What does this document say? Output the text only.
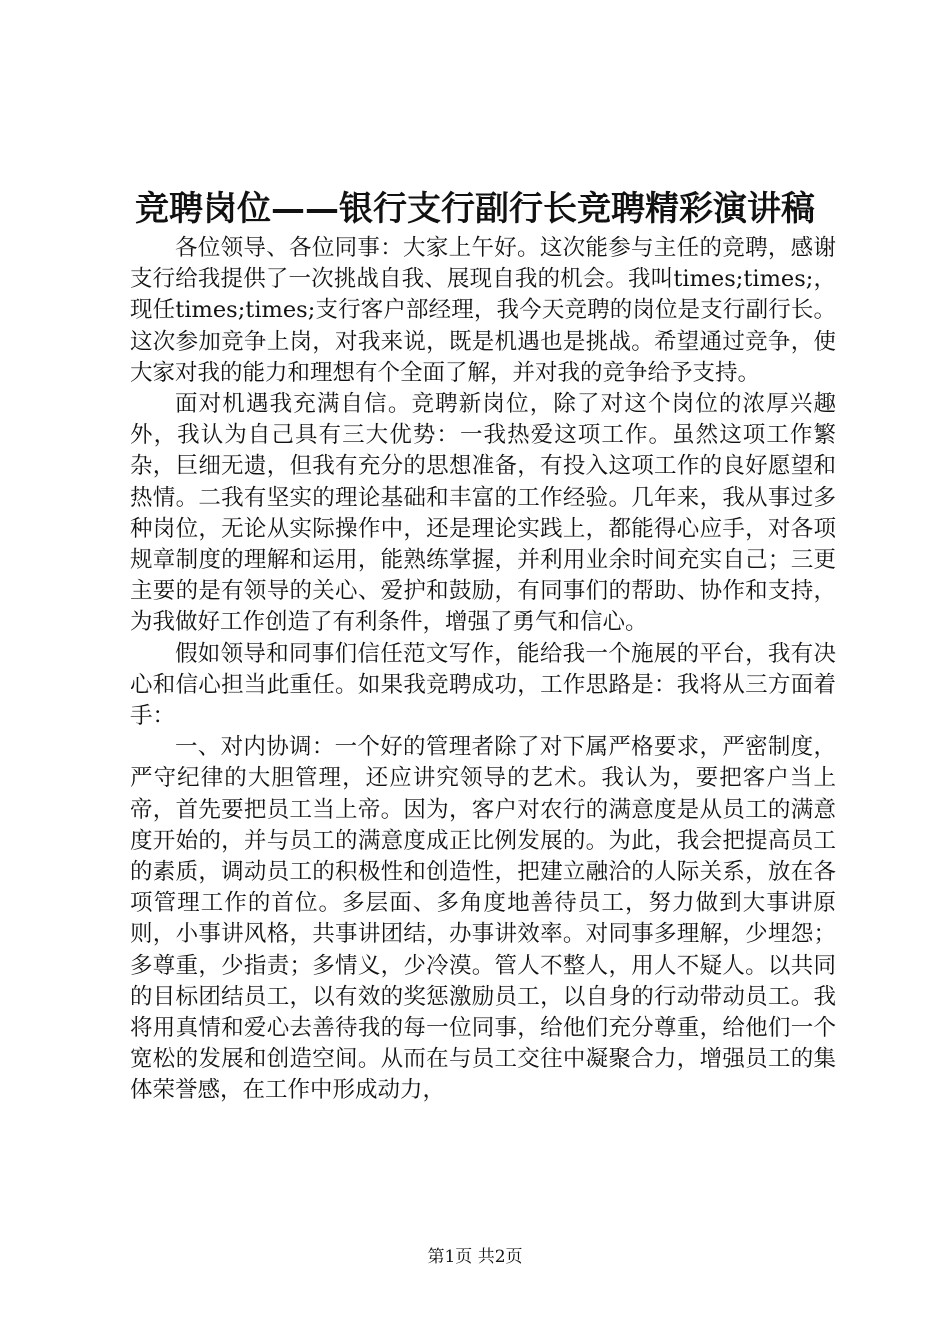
竞聘岗位——银行支行副行长竞聘精彩演讲稿

各位领导、各位同事：大家上午好。这次能参与主任的竞聘，感谢支行给我提供了一次挑战自我、展现自我的机会。我叫times;times;，现任times;times;支行客户部经理，我今天竞聘的岗位是支行副行长。这次参加竞争上岗，对我来说，既是机遇也是挑战。希望通过竞争，使大家对我的能力和理想有个全面了解，并对我的竞争给予支持。

面对机遇我充满自信。竞聘新岗位，除了对这个岗位的浓厚兴趣外，我认为自己具有三大优势：一我热爱这项工作。虽然这项工作繁杂，巨细无遗，但我有充分的思想准备，有投入这项工作的良好愿望和热情。二我有坚实的理论基础和丰富的工作经验。几年来，我从事过多种岗位，无论从实际操作中，还是理论实践上，都能得心应手，对各项规章制度的理解和运用，能熟练掌握，并利用业余时间充实自己；三更主要的是有领导的关心、爱护和鼓励，有同事们的帮助、协作和支持，为我做好工作创造了有利条件，增强了勇气和信心。

假如领导和同事们信任范文写作，能给我一个施展的平台，我有决心和信心担当此重任。如果我竞聘成功，工作思路是：我将从三方面着手：

一、对内协调：一个好的管理者除了对下属严格要求，严密制度，严守纪律的大胆管理，还应讲究领导的艺术。我认为，要把客户当上帝，首先要把员工当上帝。因为，客户对农行的满意度是从员工的满意度开始的，并与员工的满意度成正比例发展的。为此，我会把提高员工的素质，调动员工的积极性和创造性，把建立融洽的人际关系，放在各项管理工作的首位。多层面、多角度地善待员工，努力做到大事讲原则，小事讲风格，共事讲团结，办事讲效率。对同事多理解，少埋怨；多尊重，少指责；多情义，少冷漠。管人不整人，用人不疑人。以共同的目标团结员工，以有效的奖惩激励员工，以自身的行动带动员工。我将用真情和爱心去善待我的每一位同事，给他们充分尊重，给他们一个宽松的发展和创造空间。从而在与员工交往中凝聚合力，增强员工的集体荣誉感，在工作中形成动力，

第1页 共2页
